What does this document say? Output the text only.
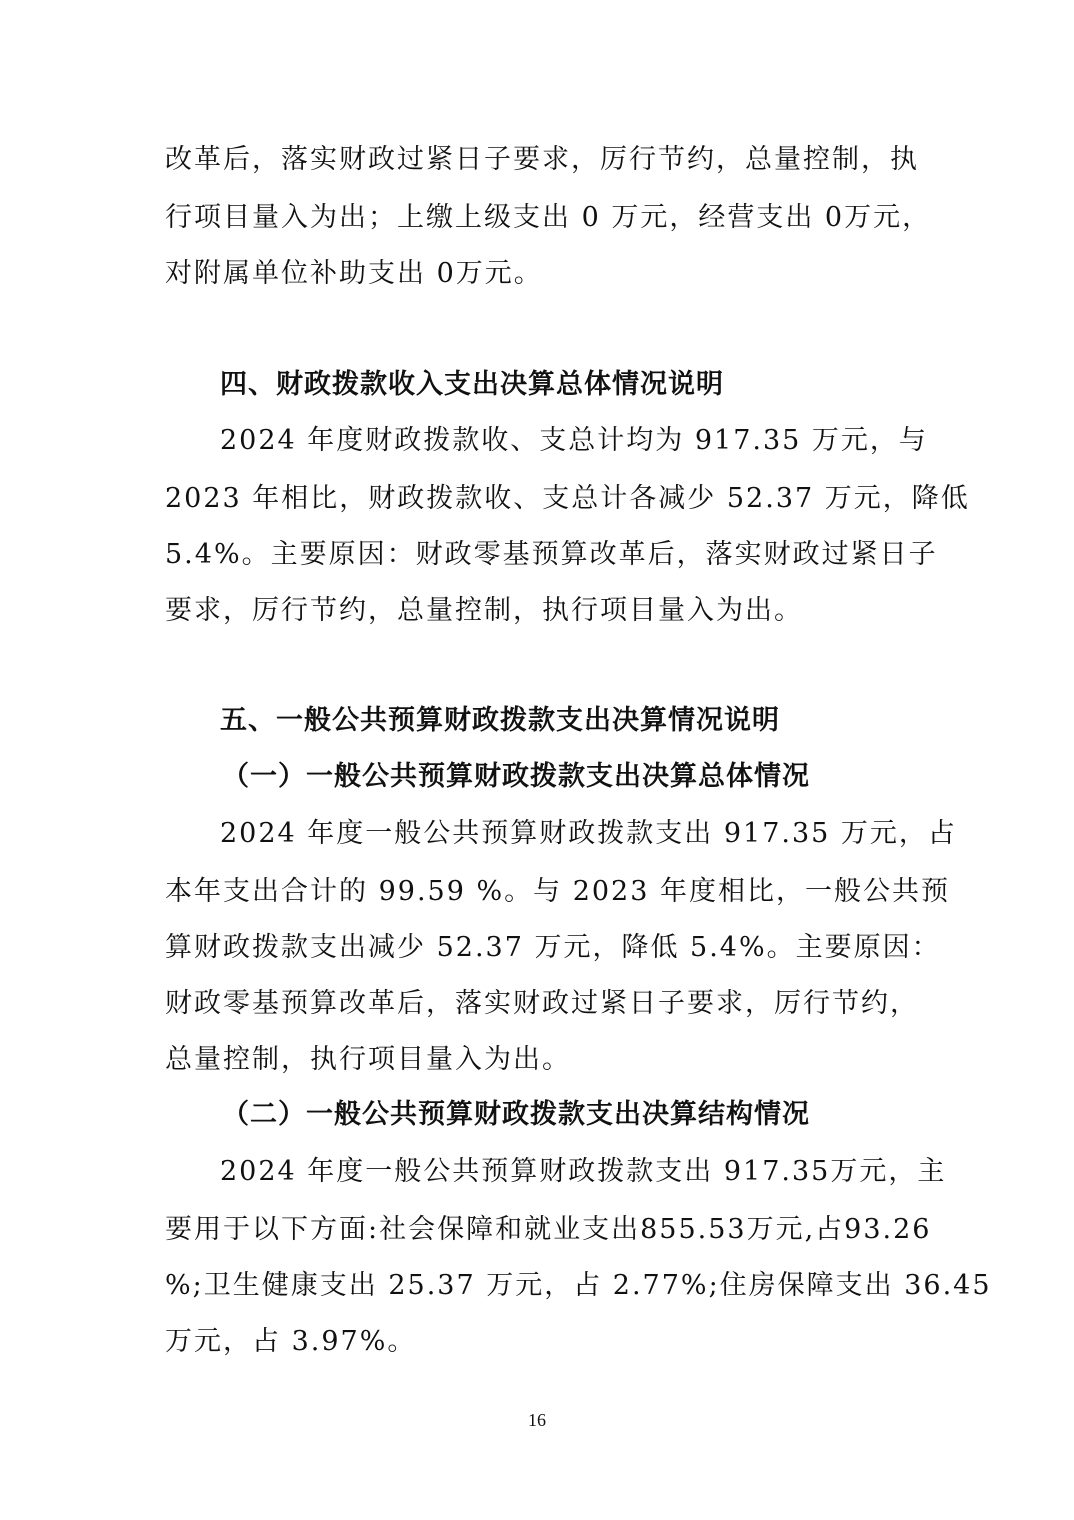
改革后，落实财政过紧日子要求，厉行节约，总量控制，执
行项目量入为出；上缴上级支出 0 万元，经营支出 0万元，
对附属单位补助支出 0万元。
四、财政拨款收入支出决算总体情况说明
2024 年度财政拨款收、支总计均为 917.35 万元，与
2023 年相比，财政拨款收、支总计各减少 52.37 万元，降低
5.4%。主要原因：财政零基预算改革后，落实财政过紧日子
要求，厉行节约，总量控制，执行项目量入为出。
五、一般公共预算财政拨款支出决算情况说明
（一）一般公共预算财政拨款支出决算总体情况
2024 年度一般公共预算财政拨款支出 917.35 万元，占
本年支出合计的 99.59 %。与 2023 年度相比，一般公共预
算财政拨款支出减少 52.37 万元，降低 5.4%。主要原因：
财政零基预算改革后，落实财政过紧日子要求，厉行节约，
总量控制，执行项目量入为出。
（二）一般公共预算财政拨款支出决算结构情况
2024 年度一般公共预算财政拨款支出 917.35万元，主
要用于以下方面:社会保障和就业支出855.53万元,占93.26
%;卫生健康支出 25.37 万元，占 2.77%;住房保障支出 36.45
万元，占 3.97%。
16
